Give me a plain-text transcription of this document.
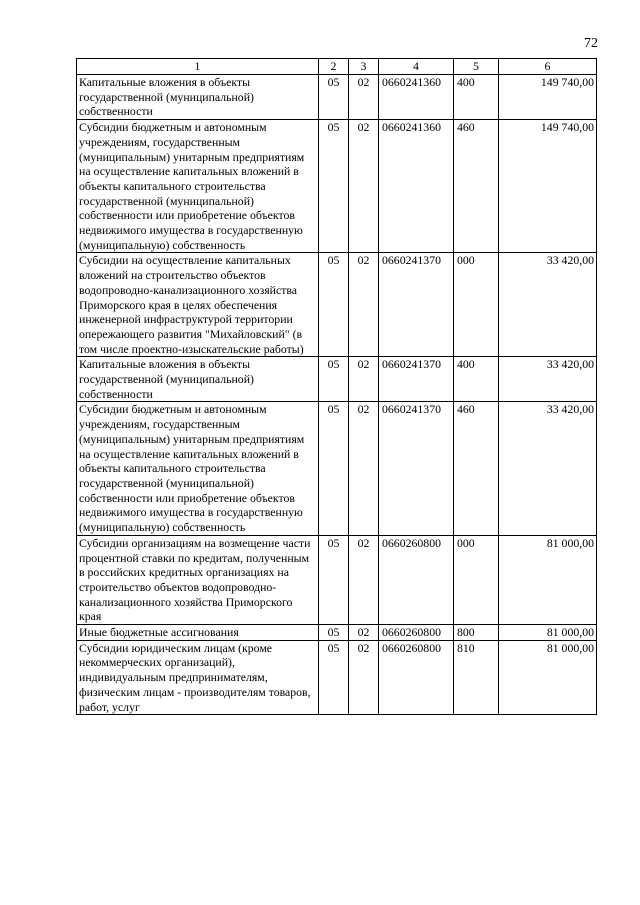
72
1	2	3	4	5	6
Капитальные вложения в объекты государственной (муниципальной) собственности	05	02	0660241360	400	149 740,00
Субсидии бюджетным и автономным учреждениям, государственным (муниципальным) унитарным предприятиям на осуществление капитальных вложений в объекты капитального строительства государственной (муниципальной) собственности или приобретение объектов недвижимого имущества в государственную (муниципальную) собственность	05	02	0660241360	460	149 740,00
Субсидии на осуществление капитальных вложений на строительство объектов водопроводно-канализационного хозяйства Приморского края в целях обеспечения инженерной инфраструктурой территории опережающего развития "Михайловский" (в том числе проектно-изыскательские работы)	05	02	0660241370	000	33 420,00
Капитальные вложения в объекты государственной (муниципальной) собственности	05	02	0660241370	400	33 420,00
Субсидии бюджетным и автономным учреждениям, государственным (муниципальным) унитарным предприятиям на осуществление капитальных вложений в объекты капитального строительства государственной (муниципальной) собственности или приобретение объектов недвижимого имущества в государственную (муниципальную) собственность	05	02	0660241370	460	33 420,00
Субсидии организациям на возмещение части процентной ставки по кредитам, полученным в российских кредитных организациях на строительство объектов водопроводно-канализационного хозяйства Приморского края	05	02	0660260800	000	81 000,00
Иные бюджетные ассигнования	05	02	0660260800	800	81 000,00
Субсидии юридическим лицам (кроме некоммерческих организаций), индивидуальным предпринимателям, физическим лицам - производителям товаров, работ, услуг	05	02	0660260800	810	81 000,00
